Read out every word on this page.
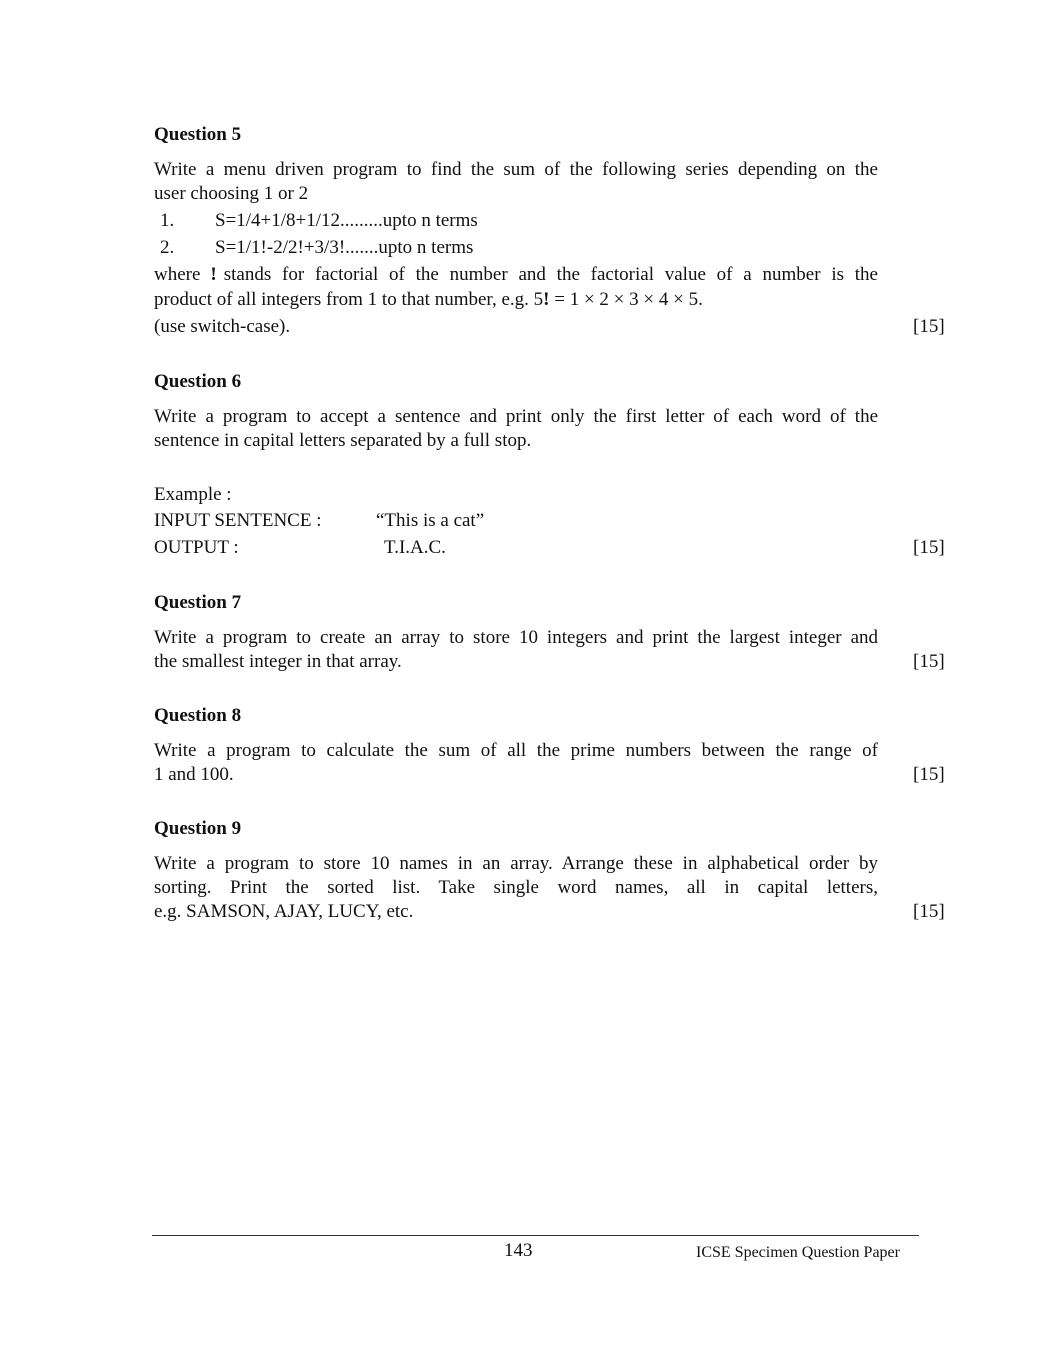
Question 5
Write a menu driven program to find the sum of the following series depending on the
user choosing 1 or 2
1. S=1/4+1/8+1/12.........upto n terms
2. S=1/1!-2/2!+3/3!.......upto n terms
where ! stands for factorial of the number and the factorial value of a number is the
product of all integers from 1 to that number, e.g. 5! = 1 × 2 × 3 × 4 × 5.
(use switch-case).	[15]
Question 6
Write a program to accept a sentence and print only the first letter of each word of the
sentence in capital letters separated by a full stop.
Example :
INPUT SENTENCE :	“This is a cat”
OUTPUT :	T.I.A.C.	[15]
Question 7
Write a program to create an array to store 10 integers and print the largest integer and
the smallest integer in that array.	[15]
Question 8
Write a program to calculate the sum of all the prime numbers between the range of
1 and 100.	[15]
Question 9
Write a program to store 10 names in an array. Arrange these in alphabetical order by
sorting. Print the sorted list. Take single word names, all in capital letters,
e.g. SAMSON, AJAY, LUCY, etc.	[15]
143	ICSE Specimen Question Paper
